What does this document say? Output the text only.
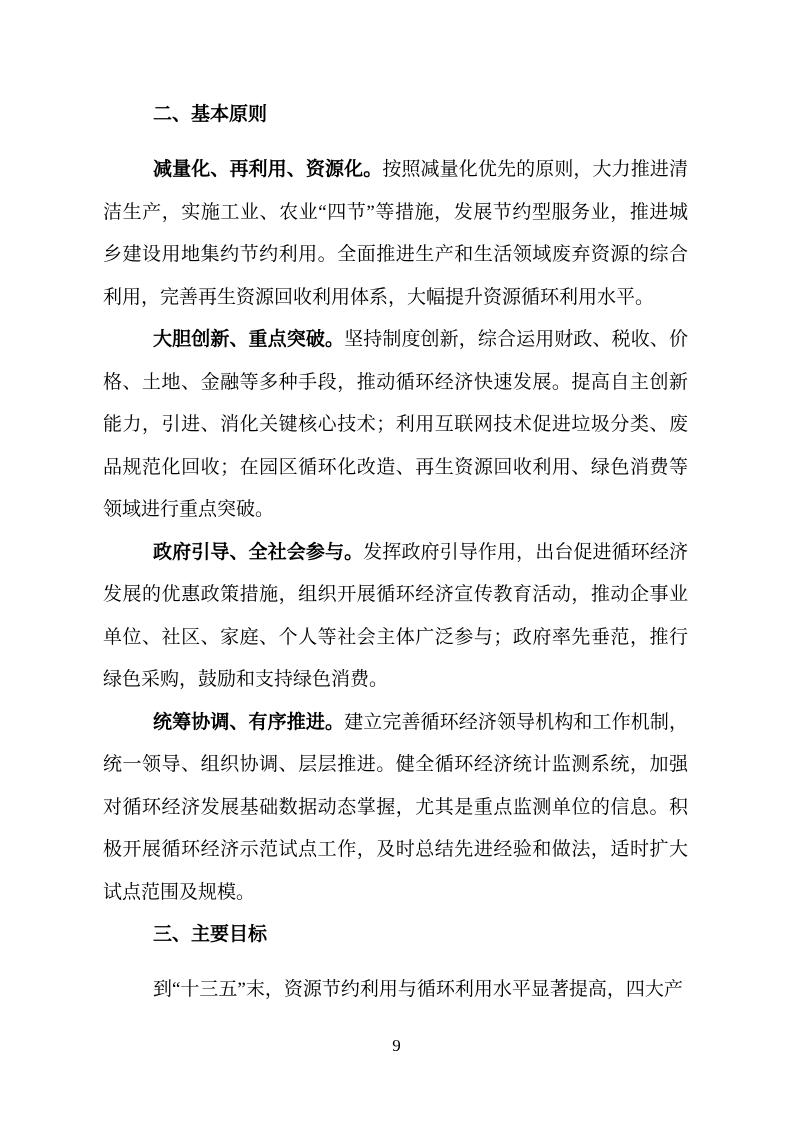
二、基本原则

减量化、再利用、资源化。按照减量化优先的原则，大力推进清洁生产，实施工业、农业“四节”等措施，发展节约型服务业，推进城乡建设用地集约节约利用。全面推进生产和生活领域废弃资源的综合利用，完善再生资源回收利用体系，大幅提升资源循环利用水平。

大胆创新、重点突破。坚持制度创新，综合运用财政、税收、价格、土地、金融等多种手段，推动循环经济快速发展。提高自主创新能力，引进、消化关键核心技术；利用互联网技术促进垃圾分类、废品规范化回收；在园区循环化改造、再生资源回收利用、绿色消费等领域进行重点突破。

政府引导、全社会参与。发挥政府引导作用，出台促进循环经济发展的优惠政策措施，组织开展循环经济宣传教育活动，推动企事业单位、社区、家庭、个人等社会主体广泛参与；政府率先垂范，推行绿色采购，鼓励和支持绿色消费。

统筹协调、有序推进。建立完善循环经济领导机构和工作机制，统一领导、组织协调、层层推进。健全循环经济统计监测系统，加强对循环经济发展基础数据动态掌握，尤其是重点监测单位的信息。积极开展循环经济示范试点工作，及时总结先进经验和做法，适时扩大试点范围及规模。

三、主要目标

到“十三五”末，资源节约利用与循环利用水平显著提高，四大产

9
